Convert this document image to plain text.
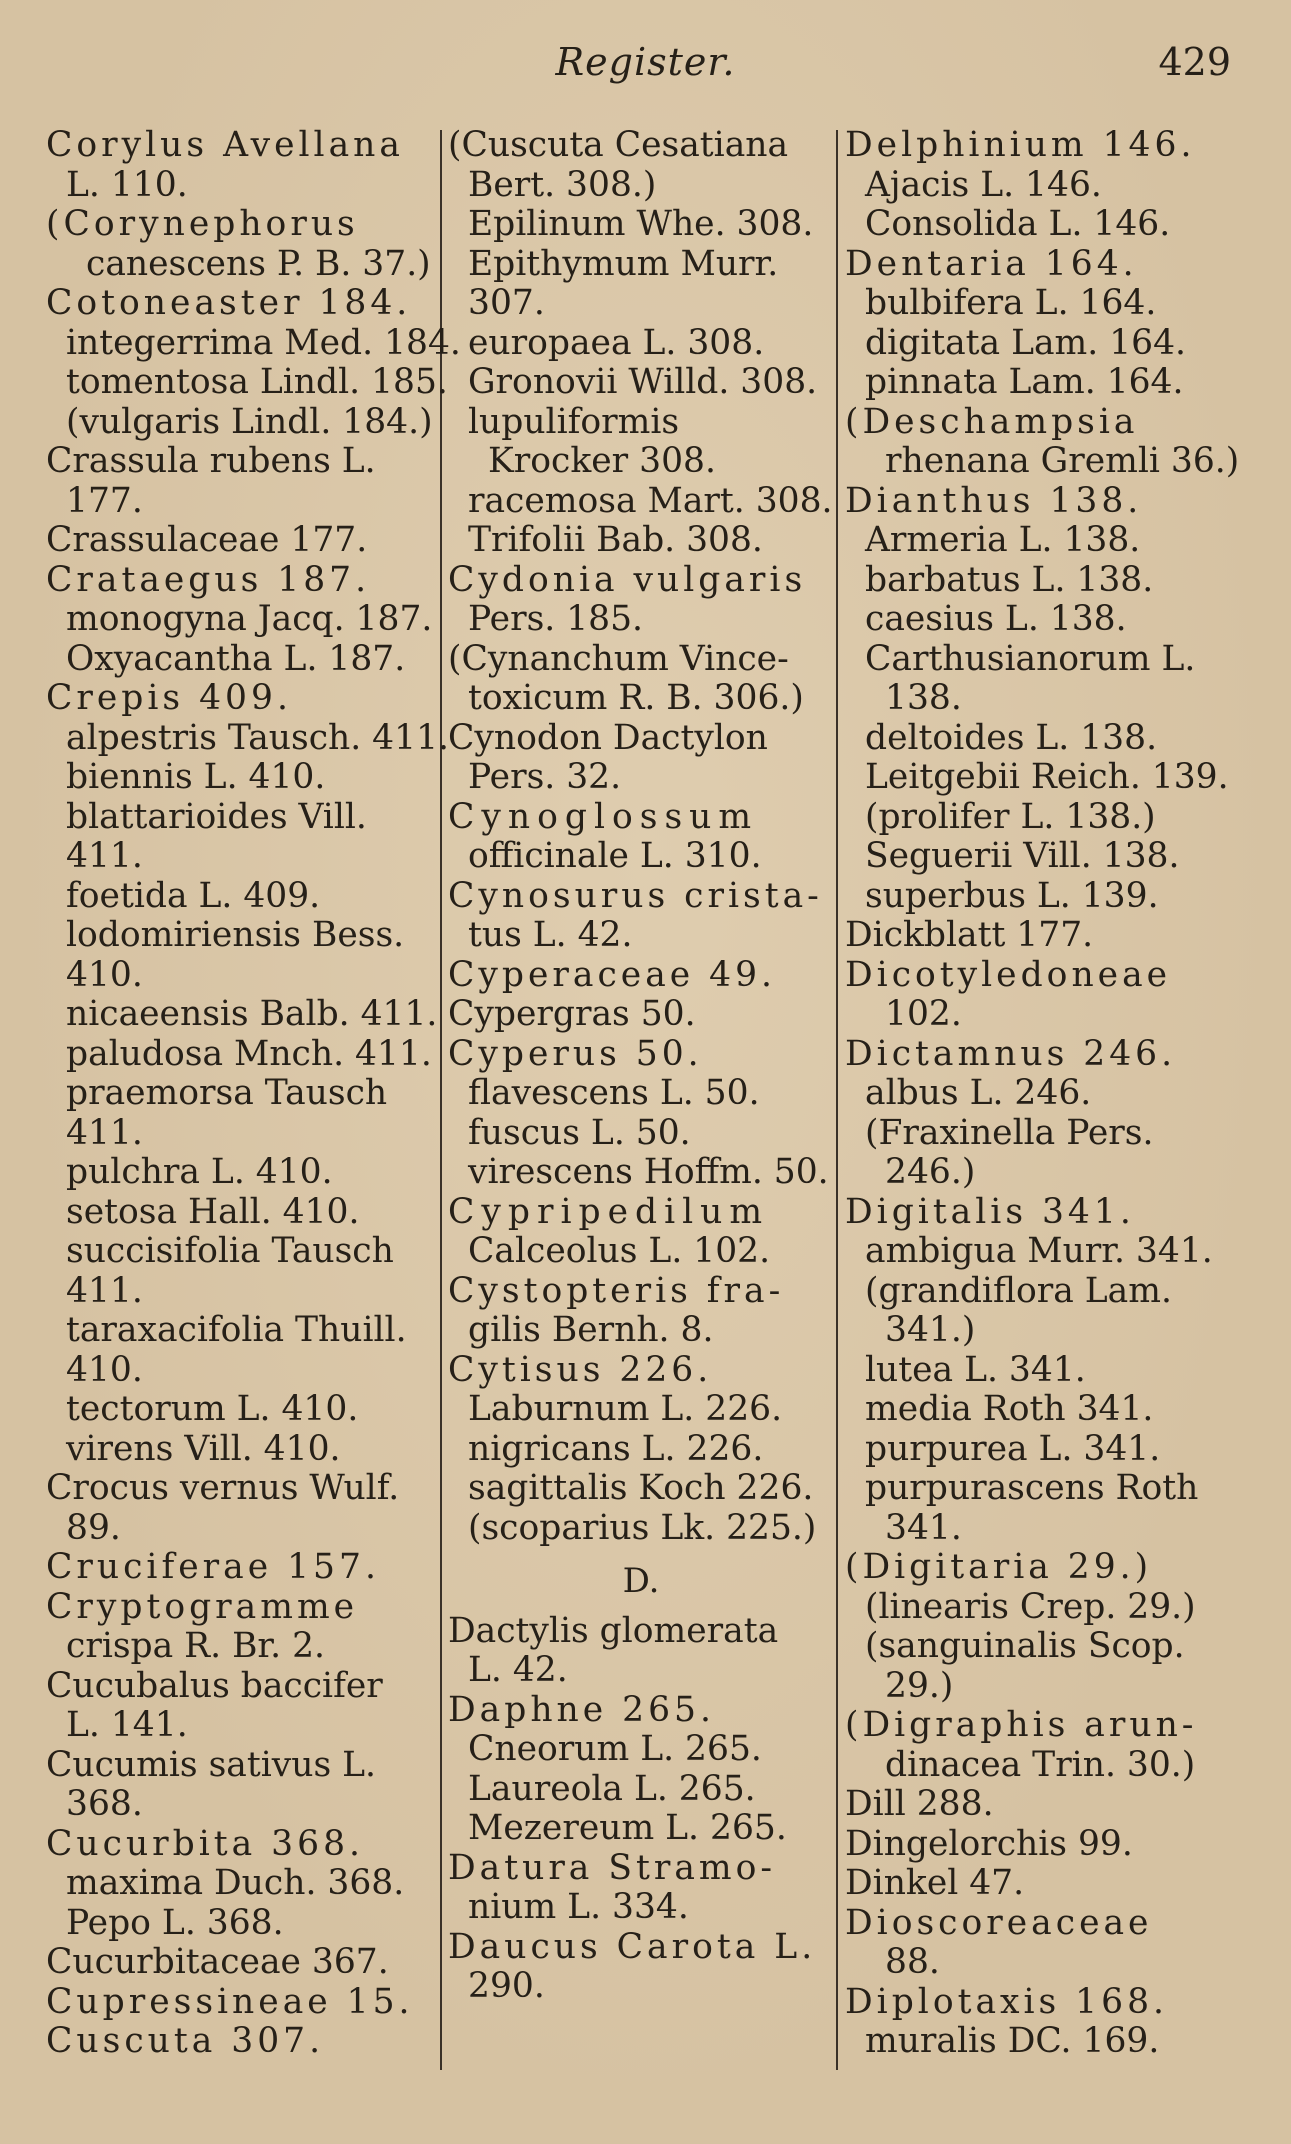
Register.	429
Corylus Avellana
L. 110.
(Corynephorus
canescens P. B. 37.)
Cotoneaster 184.
integerrima Med. 184.
tomentosa Lindl. 185.
(vulgaris Lindl. 184.)
Crassula rubens L.
177.
Crassulaceae 177.
Crataegus 187.
monogyna Jacq. 187.
Oxyacantha L. 187.
Crepis 409.
alpestris Tausch. 411.
biennis L. 410.
blattarioides Vill.
411.
foetida L. 409.
lodomiriensis Bess.
410.
nicaeensis Balb. 411.
paludosa Mnch. 411.
praemorsa Tausch
411.
pulchra L. 410.
setosa Hall. 410.
succisifolia Tausch
411.
taraxacifolia Thuill.
410.
tectorum L. 410.
virens Vill. 410.
Crocus vernus Wulf.
89.
Cruciferae 157.
Cryptogramme
crispa R. Br. 2.
Cucubalus baccifer
L. 141.
Cucumis sativus L.
368.
Cucurbita 368.
maxima Duch. 368.
Pepo L. 368.
Cucurbitaceae 367.
Cupressineae 15.
Cuscuta 307.
(Cuscuta Cesatiana
Bert. 308.)
Epilinum Whe. 308.
Epithymum Murr.
307.
europaea L. 308.
Gronovii Willd. 308.
lupuliformis
Krocker 308.
racemosa Mart. 308.
Trifolii Bab. 308.
Cydonia vulgaris
Pers. 185.
(Cynanchum Vince-
toxicum R. B. 306.)
Cynodon Dactylon
Pers. 32.
Cynoglossum
officinale L. 310.
Cynosurus crista-
tus L. 42.
Cyperaceae 49.
Cypergras 50.
Cyperus 50.
flavescens L. 50.
fuscus L. 50.
virescens Hoffm. 50.
Cypripedilum
Calceolus L. 102.
Cystopteris fra-
gilis Bernh. 8.
Cytisus 226.
Laburnum L. 226.
nigricans L. 226.
sagittalis Koch 226.
(scoparius Lk. 225.)
D.
Dactylis glomerata
L. 42.
Daphne 265.
Cneorum L. 265.
Laureola L. 265.
Mezereum L. 265.
Datura Stramo-
nium L. 334.
Daucus Carota L.
290.
Delphinium 146.
Ajacis L. 146.
Consolida L. 146.
Dentaria 164.
bulbifera L. 164.
digitata Lam. 164.
pinnata Lam. 164.
(Deschampsia
rhenana Gremli 36.)
Dianthus 138.
Armeria L. 138.
barbatus L. 138.
caesius L. 138.
Carthusianorum L.
138.
deltoides L. 138.
Leitgebii Reich. 139.
(prolifer L. 138.)
Seguerii Vill. 138.
superbus L. 139.
Dickblatt 177.
Dicotyledoneae
102.
Dictamnus 246.
albus L. 246.
(Fraxinella Pers.
246.)
Digitalis 341.
ambigua Murr. 341.
(grandiflora Lam.
341.)
lutea L. 341.
media Roth 341.
purpurea L. 341.
purpurascens Roth
341.
(Digitaria 29.)
(linearis Crep. 29.)
(sanguinalis Scop.
29.)
(Digraphis arun-
dinacea Trin. 30.)
Dill 288.
Dingelorchis 99.
Dinkel 47.
Dioscoreaceae
88.
Diplotaxis 168.
muralis DC. 169.
